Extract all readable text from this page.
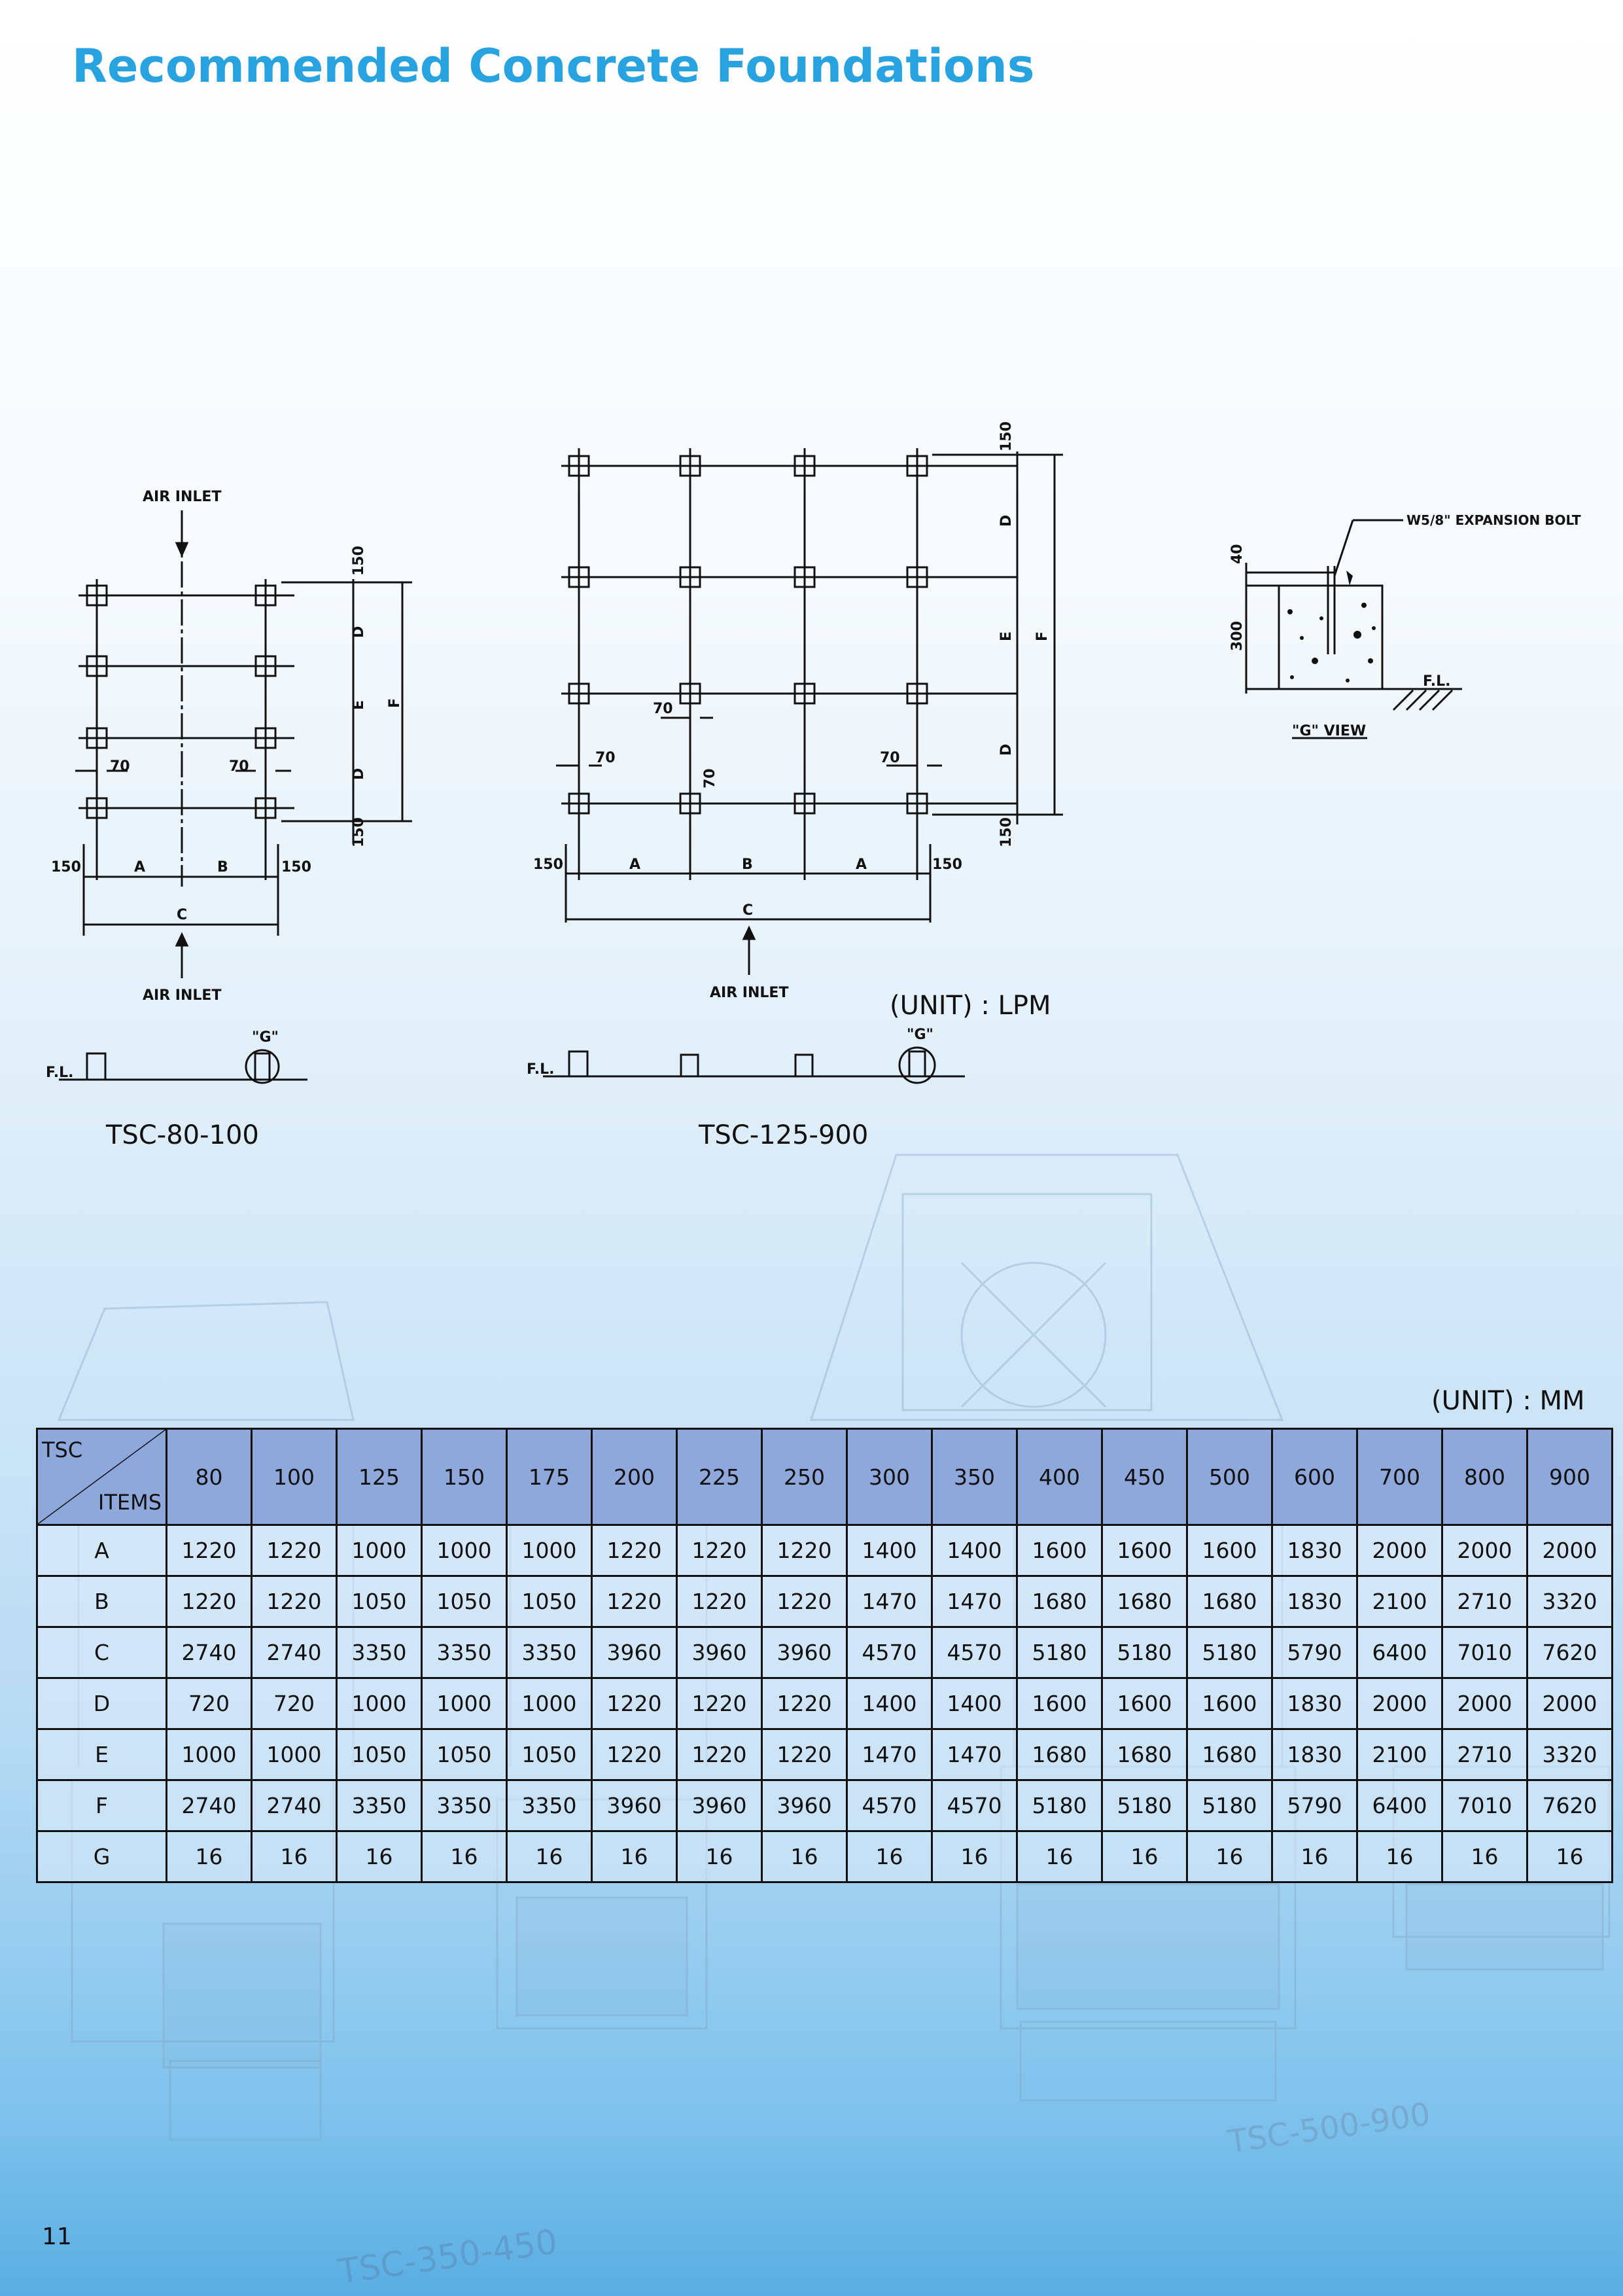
Recommended Concrete Foundations
TSC-500-900
TSC-350-450
AIR INLET
AIR INLET
150
D
E
D
150
F
70	70
150	A	B	150
C
F.L.
"G"
TSC-80-100
150
D
E F
D
150
70
70
70
70
150	A	B	A	150
C
AIR INLET
F.L.
"G"
TSC-125-900
W5/8" EXPANSION BOLT
40
300
F.L.
"G" VIEW
(UNIT) : LPM
(UNIT) : MM
TSC
ITEMS	80	100	125	150	175	200	225	250	300	350	400	450	500	600	700	800	900
A	1220	1220	1000	1000	1000	1220	1220	1220	1400	1400	1600	1600	1600	1830	2000	2000	2000
B	1220	1220	1050	1050	1050	1220	1220	1220	1470	1470	1680	1680	1680	1830	2100	2710	3320
C	2740	2740	3350	3350	3350	3960	3960	3960	4570	4570	5180	5180	5180	5790	6400	7010	7620
D	720	720	1000	1000	1000	1220	1220	1220	1400	1400	1600	1600	1600	1830	2000	2000	2000
E	1000	1000	1050	1050	1050	1220	1220	1220	1470	1470	1680	1680	1680	1830	2100	2710	3320
F	2740	2740	3350	3350	3350	3960	3960	3960	4570	4570	5180	5180	5180	5790	6400	7010	7620
G	16	16	16	16	16	16	16	16	16	16	16	16	16	16	16	16	16
11
